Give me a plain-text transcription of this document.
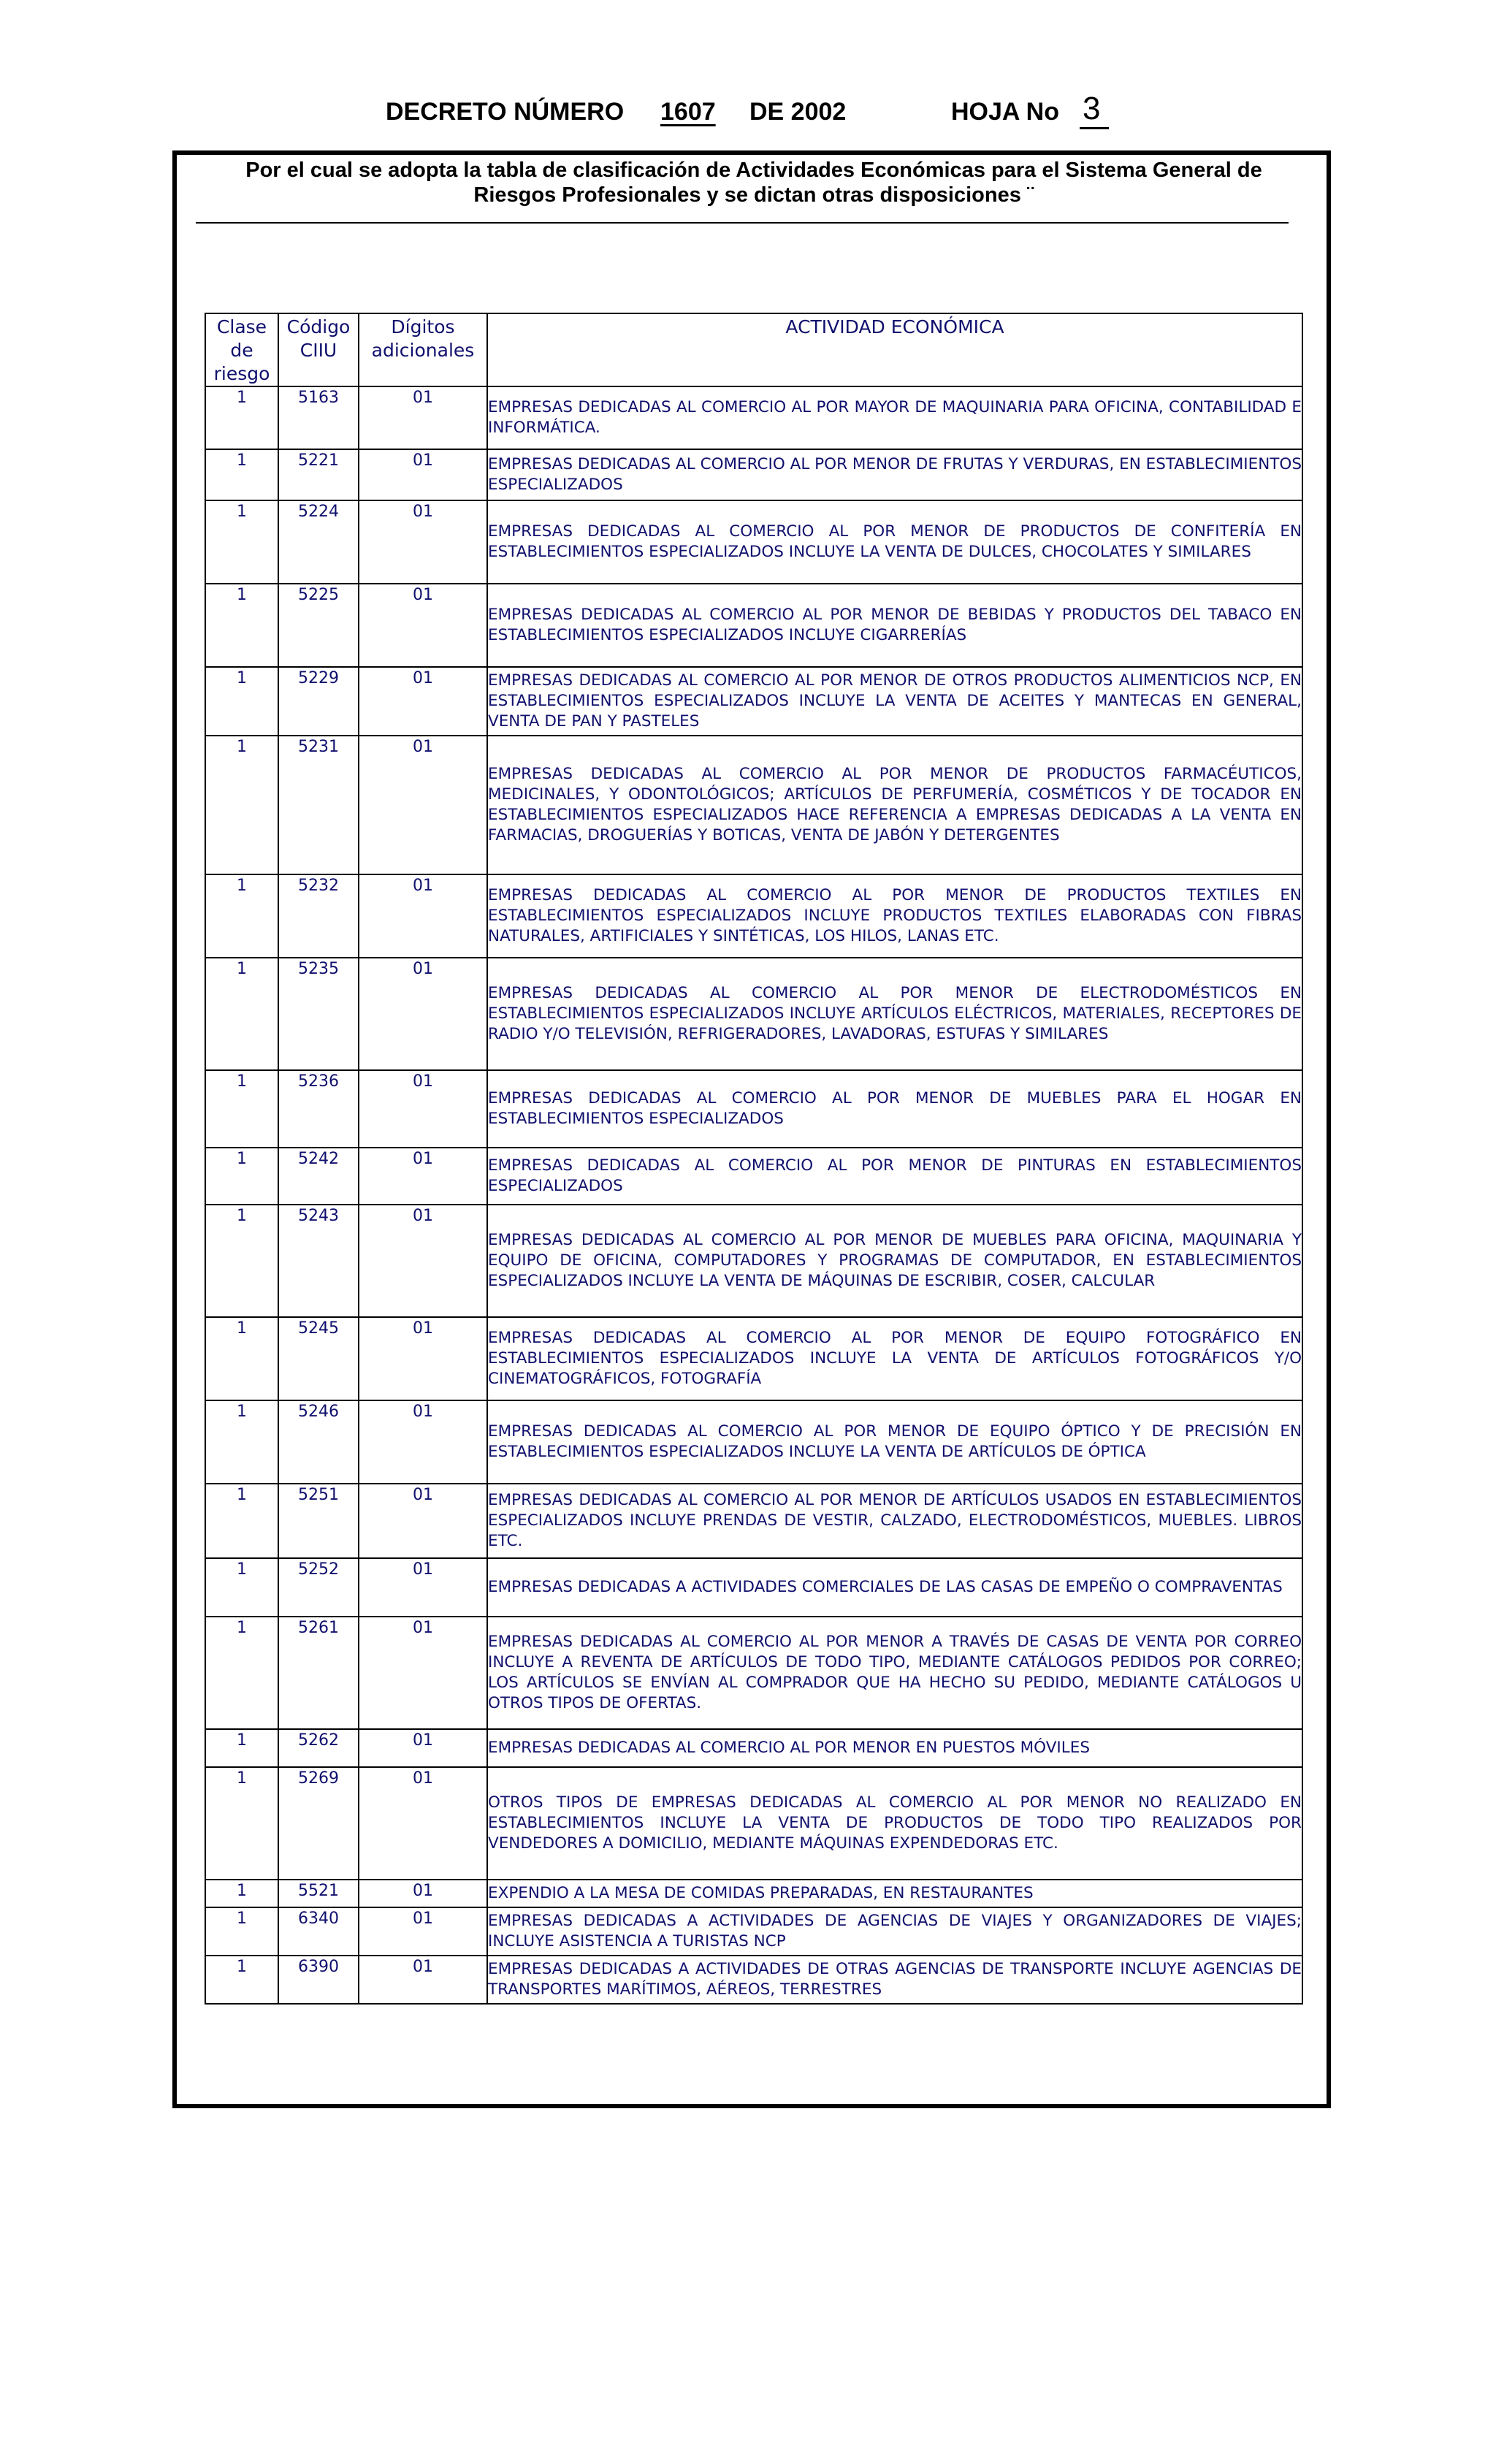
DECRETO NÚMERO 1607 DE 2002	HOJA No 3
Por el cual se adopta la tabla de clasificación de Actividades Económicas para el Sistema General de Riesgos Profesionales y se dictan otras disposiciones ¨
Clase de riesgo	Código CIIU	Dígitos adicionales	ACTIVIDAD ECONÓMICA
1	5163	01	EMPRESAS DEDICADAS AL COMERCIO AL POR MAYOR DE MAQUINARIA PARA OFICINA, CONTABILIDAD E INFORMÁTICA.
1	5221	01	EMPRESAS DEDICADAS AL COMERCIO AL POR MENOR DE FRUTAS Y VERDURAS, EN ESTABLECIMIENTOS ESPECIALIZADOS
1	5224	01	EMPRESAS DEDICADAS AL COMERCIO AL POR MENOR DE PRODUCTOS DE CONFITERÍA EN ESTABLECIMIENTOS ESPECIALIZADOS INCLUYE LA VENTA DE DULCES, CHOCOLATES Y SIMILARES
1	5225	01	EMPRESAS DEDICADAS AL COMERCIO AL POR MENOR DE BEBIDAS Y PRODUCTOS DEL TABACO EN ESTABLECIMIENTOS ESPECIALIZADOS INCLUYE CIGARRERÍAS
1	5229	01	EMPRESAS DEDICADAS AL COMERCIO AL POR MENOR DE OTROS PRODUCTOS ALIMENTICIOS NCP, EN ESTABLECIMIENTOS ESPECIALIZADOS INCLUYE LA VENTA DE ACEITES Y MANTECAS EN GENERAL, VENTA DE PAN Y PASTELES
1	5231	01	EMPRESAS DEDICADAS AL COMERCIO AL POR MENOR DE PRODUCTOS FARMACÉUTICOS, MEDICINALES, Y ODONTOLÓGICOS; ARTÍCULOS DE PERFUMERÍA, COSMÉTICOS Y DE TOCADOR EN ESTABLECIMIENTOS ESPECIALIZADOS HACE REFERENCIA A EMPRESAS DEDICADAS A LA VENTA EN FARMACIAS, DROGUERÍAS Y BOTICAS, VENTA DE JABÓN Y DETERGENTES
1	5232	01	EMPRESAS DEDICADAS AL COMERCIO AL POR MENOR DE PRODUCTOS TEXTILES EN ESTABLECIMIENTOS ESPECIALIZADOS INCLUYE PRODUCTOS TEXTILES ELABORADAS CON FIBRAS NATURALES, ARTIFICIALES Y SINTÉTICAS, LOS HILOS, LANAS ETC.
1	5235	01	EMPRESAS DEDICADAS AL COMERCIO AL POR MENOR DE ELECTRODOMÉSTICOS EN ESTABLECIMIENTOS ESPECIALIZADOS INCLUYE ARTÍCULOS ELÉCTRICOS, MATERIALES, RECEPTORES DE RADIO Y/O TELEVISIÓN, REFRIGERADORES, LAVADORAS, ESTUFAS Y SIMILARES
1	5236	01	EMPRESAS DEDICADAS AL COMERCIO AL POR MENOR DE MUEBLES PARA EL HOGAR EN ESTABLECIMIENTOS ESPECIALIZADOS
1	5242	01	EMPRESAS DEDICADAS AL COMERCIO AL POR MENOR DE PINTURAS EN ESTABLECIMIENTOS ESPECIALIZADOS
1	5243	01	EMPRESAS DEDICADAS AL COMERCIO AL POR MENOR DE MUEBLES PARA OFICINA, MAQUINARIA Y EQUIPO DE OFICINA, COMPUTADORES Y PROGRAMAS DE COMPUTADOR, EN ESTABLECIMIENTOS ESPECIALIZADOS INCLUYE LA VENTA DE MÁQUINAS DE ESCRIBIR, COSER, CALCULAR
1	5245	01	EMPRESAS DEDICADAS AL COMERCIO AL POR MENOR DE EQUIPO FOTOGRÁFICO EN ESTABLECIMIENTOS ESPECIALIZADOS INCLUYE LA VENTA DE ARTÍCULOS FOTOGRÁFICOS Y/O CINEMATOGRÁFICOS, FOTOGRAFÍA
1	5246	01	EMPRESAS DEDICADAS AL COMERCIO AL POR MENOR DE EQUIPO ÓPTICO Y DE PRECISIÓN EN ESTABLECIMIENTOS ESPECIALIZADOS INCLUYE LA VENTA DE ARTÍCULOS DE ÓPTICA
1	5251	01	EMPRESAS DEDICADAS AL COMERCIO AL POR MENOR DE ARTÍCULOS USADOS EN ESTABLECIMIENTOS ESPECIALIZADOS INCLUYE PRENDAS DE VESTIR, CALZADO, ELECTRODOMÉSTICOS, MUEBLES. LIBROS ETC.
1	5252	01	EMPRESAS DEDICADAS A ACTIVIDADES COMERCIALES DE LAS CASAS DE EMPEÑO O COMPRAVENTAS
1	5261	01	EMPRESAS DEDICADAS AL COMERCIO AL POR MENOR A TRAVÉS DE CASAS DE VENTA POR CORREO INCLUYE A REVENTA DE ARTÍCULOS DE TODO TIPO, MEDIANTE CATÁLOGOS PEDIDOS POR CORREO; LOS ARTÍCULOS SE ENVÍAN AL COMPRADOR QUE HA HECHO SU PEDIDO, MEDIANTE CATÁLOGOS U OTROS TIPOS DE OFERTAS.
1	5262	01	EMPRESAS DEDICADAS AL COMERCIO AL POR MENOR EN PUESTOS MÓVILES
1	5269	01	OTROS TIPOS DE EMPRESAS DEDICADAS AL COMERCIO AL POR MENOR NO REALIZADO EN ESTABLECIMIENTOS INCLUYE LA VENTA DE PRODUCTOS DE TODO TIPO REALIZADOS POR VENDEDORES A DOMICILIO, MEDIANTE MÁQUINAS EXPENDEDORAS ETC.
1	5521	01	EXPENDIO A LA MESA DE COMIDAS PREPARADAS, EN RESTAURANTES
1	6340	01	EMPRESAS DEDICADAS A ACTIVIDADES DE AGENCIAS DE VIAJES Y ORGANIZADORES DE VIAJES; INCLUYE ASISTENCIA A TURISTAS NCP
1	6390	01	EMPRESAS DEDICADAS A ACTIVIDADES DE OTRAS AGENCIAS DE TRANSPORTE INCLUYE AGENCIAS DE TRANSPORTES MARÍTIMOS, AÉREOS, TERRESTRES
